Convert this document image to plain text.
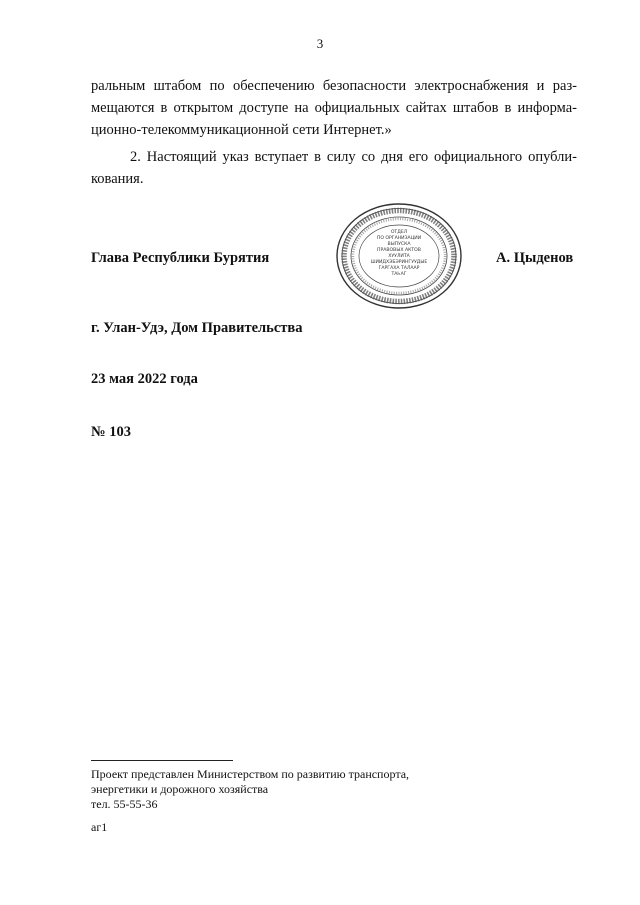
3
ральным штабом по обеспечению безопасности электроснабжения и раз-
мещаются в открытом доступе на официальных сайтах штабов в информа-
ционно-телекоммуникационной сети Интернет.»
2. Настоящий указ вступает в силу со дня его официального опубли-
кования.
Глава Республики Бурятия	А. Цыденов
ОТДЕЛ
ПО ОРГАНИЗАЦИИ
ВЫПУСКА
ПРАВОВЫХ АКТОВ
ХУУЛИТА
ШИИДХЭБЭРИНГУУДЫЕ
ГАРГАХА ТАЛААР
ТАҺАГ
г. Улан-Удэ, Дом Правительства
23 мая 2022 года
№ 103
Проект представлен Министерством по развитию транспорта,
энергетики и дорожного хозяйства
тел. 55-55-36
аг1
